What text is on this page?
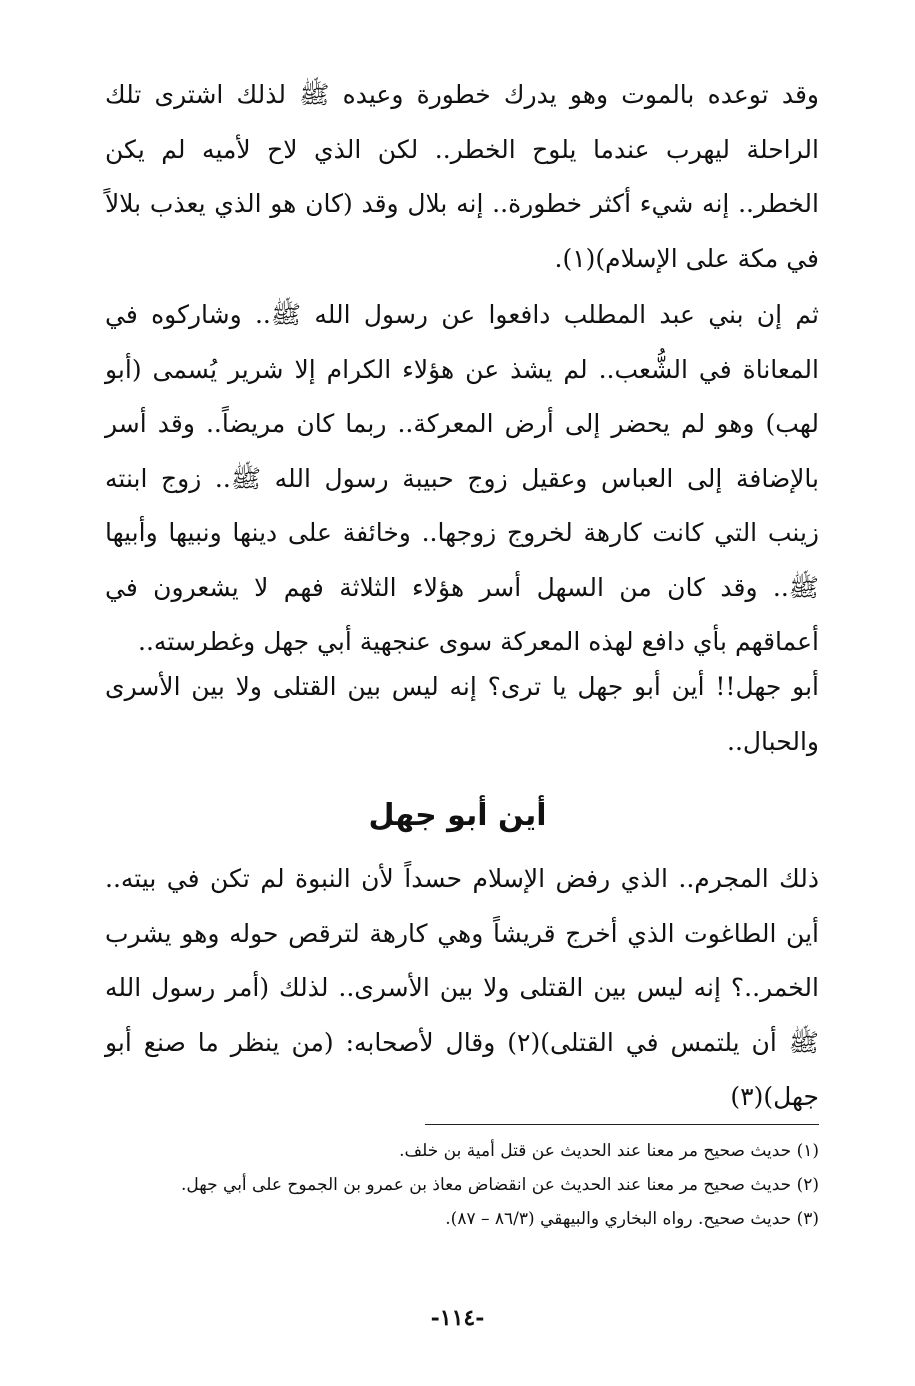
وقد توعده بالموت وهو يدرك خطورة وعيده ﷺ لذلك اشترى تلك الراحلة ليهرب عندما يلوح الخطر.. لكن الذي لاح لأميه لم يكن الخطر.. إنه شيء أكثر خطورة.. إنه بلال وقد (كان هو الذي يعذب بلالاً في مكة على الإسلام)(١).

ثم إن بني عبد المطلب دافعوا عن رسول الله ﷺ.. وشاركوه في المعاناة في الشُّعب.. لم يشذ عن هؤلاء الكرام إلا شرير يُسمى (أبو لهب) وهو لم يحضر إلى أرض المعركة.. ربما كان مريضاً.. وقد أسر بالإضافة إلى العباس وعقيل زوج حبيبة رسول الله ﷺ.. زوج ابنته زينب التي كانت كارهة لخروج زوجها.. وخائفة على دينها ونبيها وأبيها ﷺ.. وقد كان من السهل أسر هؤلاء الثلاثة فهم لا يشعرون في أعماقهم بأي دافع لهذه المعركة سوى عنجهية أبي جهل وغطرسته..

أبو جهل!! أين أبو جهل يا ترى؟ إنه ليس بين القتلى ولا بين الأسرى والحبال..

أين أبو جهل

ذلك المجرم.. الذي رفض الإسلام حسداً لأن النبوة لم تكن في بيته.. أين الطاغوت الذي أخرج قريشاً وهي كارهة لترقص حوله وهو يشرب الخمر..؟ إنه ليس بين القتلى ولا بين الأسرى.. لذلك (أمر رسول الله ﷺ أن يلتمس في القتلى)(٢) وقال لأصحابه: (من ينظر ما صنع أبو جهل)(٣)

(١) حديث صحيح مر معنا عند الحديث عن قتل أمية بن خلف.
(٢) حديث صحيح مر معنا عند الحديث عن انقضاض معاذ بن عمرو بن الجموح على أبي جهل.
(٣) حديث صحيح. رواه البخاري والبيهقي (٨٦/٣ – ٨٧).
-١١٤-
